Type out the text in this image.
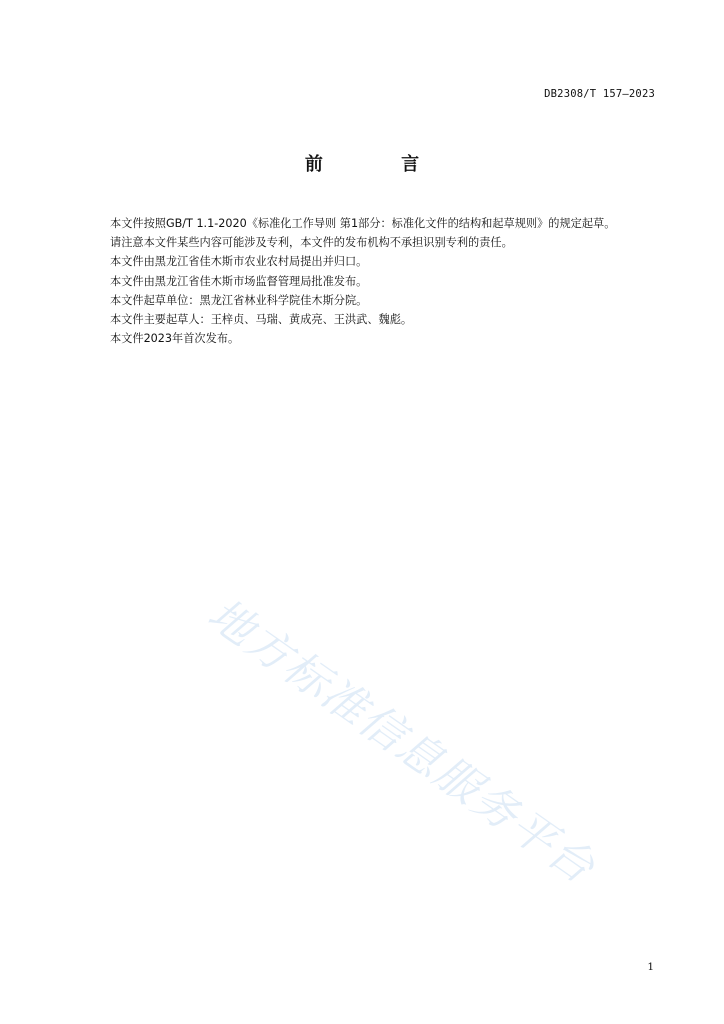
DB2308/T 157—2023
前 言

本文件按照GB/T 1.1-2020《标准化工作导则 第1部分：标准化文件的结构和起草规则》的规定起草。

请注意本文件某些内容可能涉及专利，本文件的发布机构不承担识别专利的责任。

本文件由黑龙江省佳木斯市农业农村局提出并归口。

本文件由黑龙江省佳木斯市场监督管理局批准发布。

本文件起草单位：黑龙江省林业科学院佳木斯分院。

本文件主要起草人：王梓贞、马瑞、黄成亮、王洪武、魏彪。

本文件2023年首次发布。

地方标准信息服务平台
1
